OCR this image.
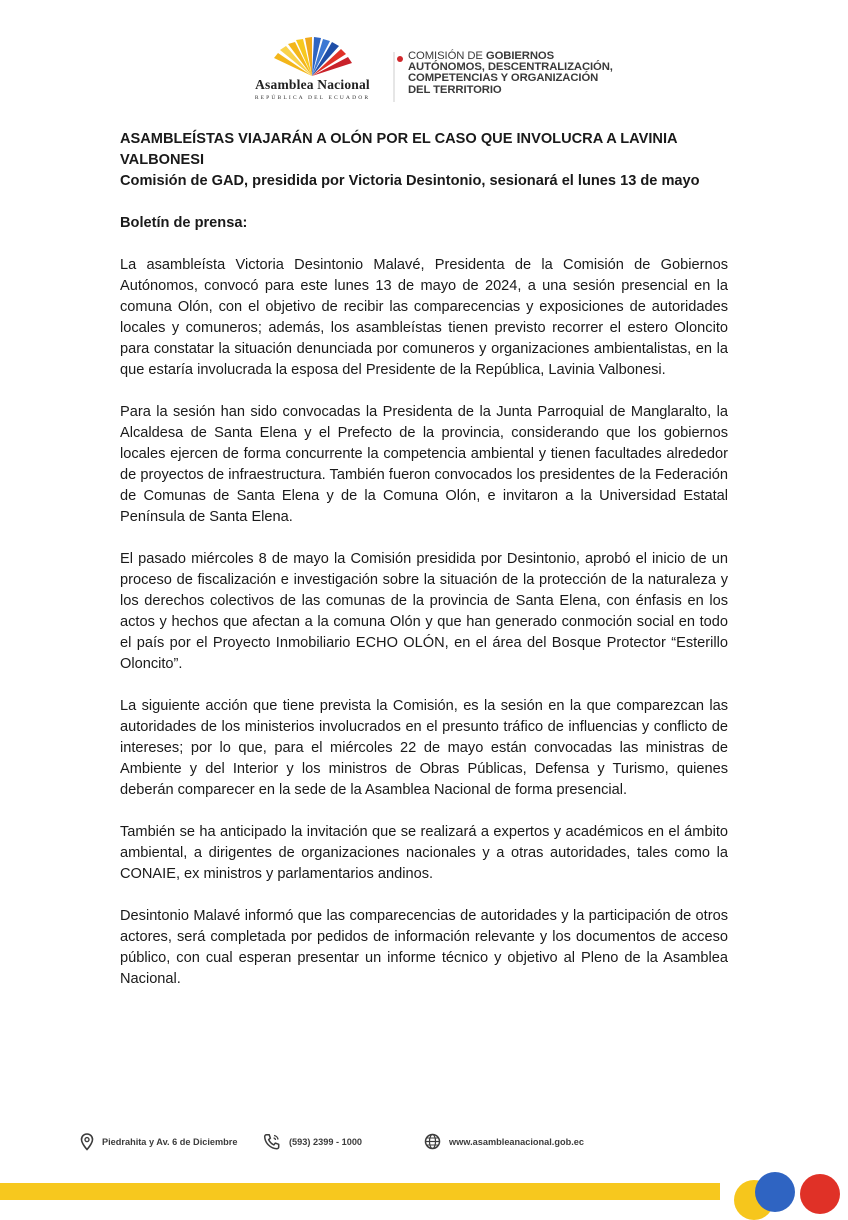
Asamblea Nacional
REPÚBLICA DEL ECUADOR
COMISIÓN DE GOBIERNOS
AUTÓNOMOS, DESCENTRALIZACIÓN,
COMPETENCIAS Y ORGANIZACIÓN
DEL TERRITORIO

ASAMBLEÍSTAS VIAJARÁN A OLÓN POR EL CASO QUE INVOLUCRA A LAVINIA VALBONESI

Comisión de GAD, presidida por Victoria Desintonio, sesionará el lunes 13 de mayo

Boletín de prensa:

La asambleísta Victoria Desintonio Malavé, Presidenta de la Comisión de Gobiernos Autónomos, convocó para este lunes 13 de mayo de 2024, a una sesión presencial en la comuna Olón, con el objetivo de recibir las comparecencias y exposiciones de autoridades locales y comuneros; además, los asambleístas tienen previsto recorrer el estero Oloncito para constatar la situación denunciada por comuneros y organizaciones ambientalistas, en la que estaría involucrada la esposa del Presidente de la República, Lavinia Valbonesi.

Para la sesión han sido convocadas la Presidenta de la Junta Parroquial de Manglaralto, la Alcaldesa de Santa Elena y el Prefecto de la provincia, considerando que los gobiernos locales ejercen de forma concurrente la competencia ambiental y tienen facultades alrededor de proyectos de infraestructura. También fueron convocados los presidentes de la Federación de Comunas de Santa Elena y de la Comuna Olón, e invitaron a la Universidad Estatal Península de Santa Elena.

El pasado miércoles 8 de mayo la Comisión presidida por Desintonio, aprobó el inicio de un proceso de fiscalización e investigación sobre la situación de la protección de la naturaleza y los derechos colectivos de las comunas de la provincia de Santa Elena, con énfasis en los actos y hechos que afectan a la comuna Olón y que han generado conmoción social en todo el país por el Proyecto Inmobiliario ECHO OLÓN, en el área del Bosque Protector “Esterillo Oloncito”.

La siguiente acción que tiene prevista la Comisión, es la sesión en la que comparezcan las autoridades de los ministerios involucrados en el presunto tráfico de influencias y conflicto de intereses; por lo que, para el miércoles 22 de mayo están convocadas las ministras de Ambiente y del Interior y los ministros de Obras Públicas, Defensa y Turismo, quienes deberán comparecer en la sede de la Asamblea Nacional de forma presencial.

También se ha anticipado la invitación que se realizará a expertos y académicos en el ámbito ambiental, a dirigentes de organizaciones nacionales y a otras autoridades, tales como la CONAIE, ex ministros y parlamentarios andinos.

Desintonio Malavé informó que las comparecencias de autoridades y la participación de otros actores, será completada por pedidos de información relevante y los documentos de acceso público, con cual esperan presentar un informe técnico y objetivo al Pleno de la Asamblea Nacional.

Piedrahita y Av. 6 de Diciembre	(593) 2399 - 1000	www.asambleanacional.gob.ec
